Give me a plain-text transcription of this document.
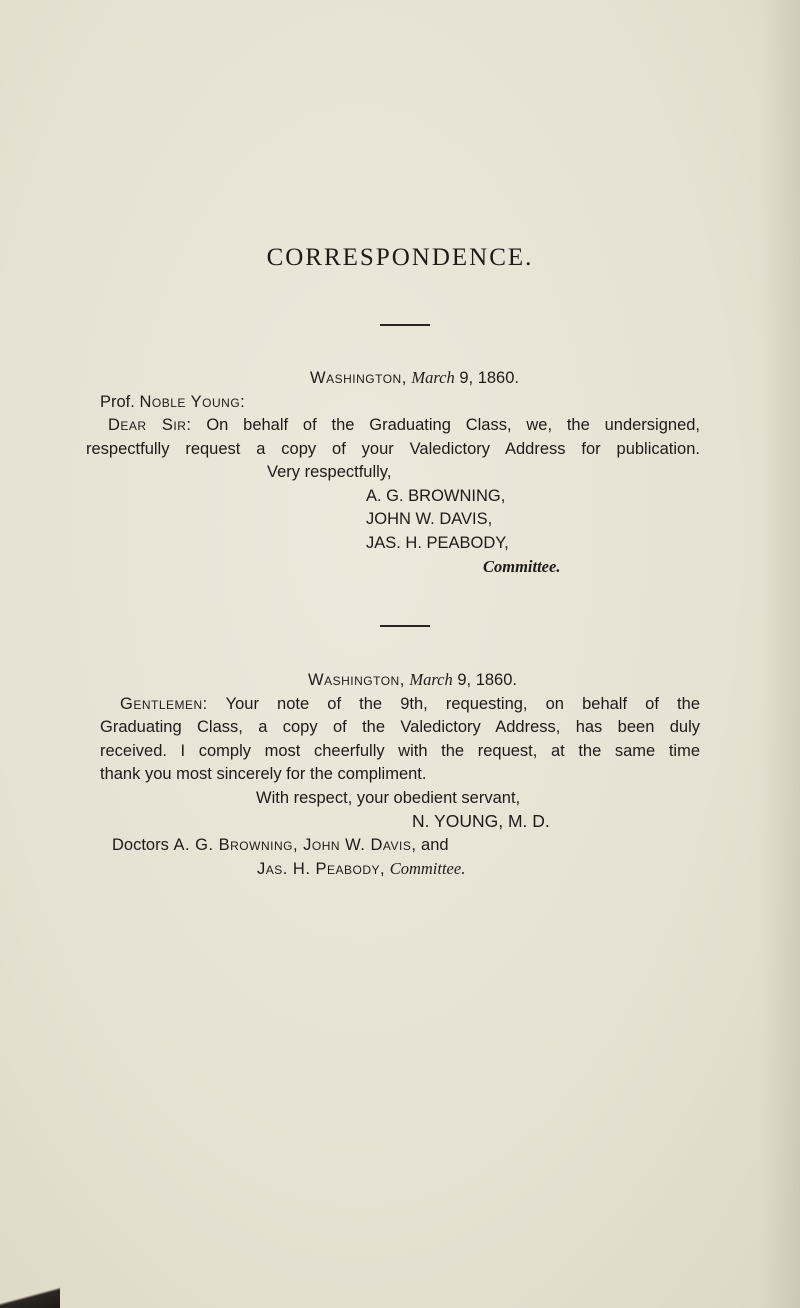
CORRESPONDENCE.
Washington, March 9, 1860.
Prof. Noble Young:
Dear Sir: On behalf of the Graduating Class, we, the undersigned,
respectfully request a copy of your Valedictory Address for publication.
Very respectfully,
A. G. BROWNING,
JOHN W. DAVIS,
JAS. H. PEABODY,
Committee.
Washington, March 9, 1860.
Gentlemen: Your note of the 9th, requesting, on behalf of the
Graduating Class, a copy of the Valedictory Address, has been duly
received. I comply most cheerfully with the request, at the same time
thank you most sincerely for the compliment.
With respect, your obedient servant,
N. YOUNG, M. D.
Doctors A. G. Browning, John W. Davis, and
Jas. H. Peabody, Committee.
